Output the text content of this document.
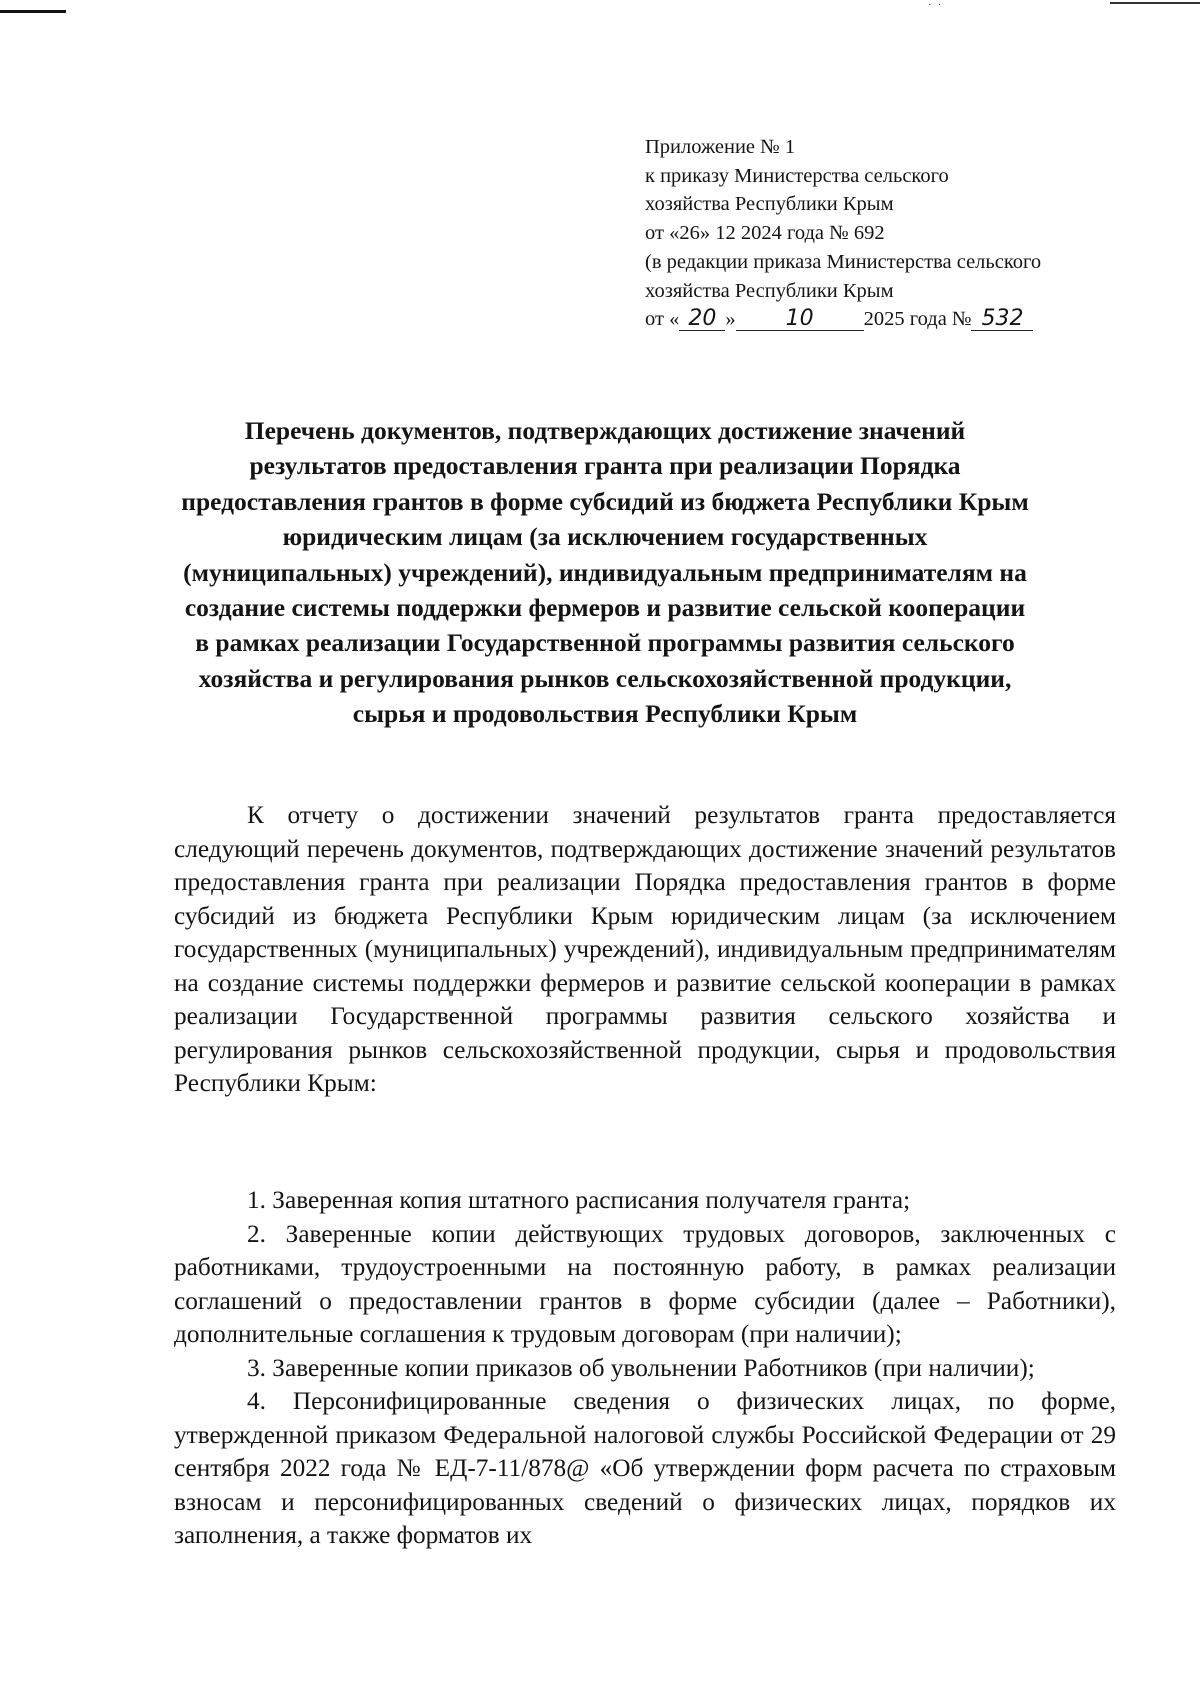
· ·
Приложение № 1
к приказу Министерства сельского
хозяйства Республики Крым
от «26» 12 2024 года № 692
(в редакции приказа Министерства сельского
хозяйства Республики Крым
от « 20 » 10 2025 года № 532
Перечень документов, подтверждающих достижение значений результатов предоставления гранта при реализации Порядка предоставления грантов в форме субсидий из бюджета Республики Крым юридическим лицам (за исключением государственных (муниципальных) учреждений), индивидуальным предпринимателям на создание системы поддержки фермеров и развитие сельской кооперации в рамках реализации Государственной программы развития сельского хозяйства и регулирования рынков сельскохозяйственной продукции, сырья и продовольствия Республики Крым
К отчету о достижении значений результатов гранта предоставляется следующий перечень документов, подтверждающих достижение значений результатов предоставления гранта при реализации Порядка предоставления грантов в форме субсидий из бюджета Республики Крым юридическим лицам (за исключением государственных (муниципальных) учреждений), индивидуальным предпринимателям на создание системы поддержки фермеров и развитие сельской кооперации в рамках реализации Государственной программы развития сельского хозяйства и регулирования рынков сельскохозяйственной продукции, сырья и продовольствия Республики Крым:

1. Заверенная копия штатного расписания получателя гранта;

2. Заверенные копии действующих трудовых договоров, заключенных с работниками, трудоустроенными на постоянную работу, в рамках реализации соглашений о предоставлении грантов в форме субсидии (далее – Работники), дополнительные соглашения к трудовым договорам (при наличии);

3. Заверенные копии приказов об увольнении Работников (при наличии);

4. Персонифицированные сведения о физических лицах, по форме, утвержденной приказом Федеральной налоговой службы Российской Федерации от 29 сентября 2022 года № ЕД-7-11/878@ «Об утверждении форм расчета по страховым взносам и персонифицированных сведений о физических лицах, порядков их заполнения, а также форматов их
